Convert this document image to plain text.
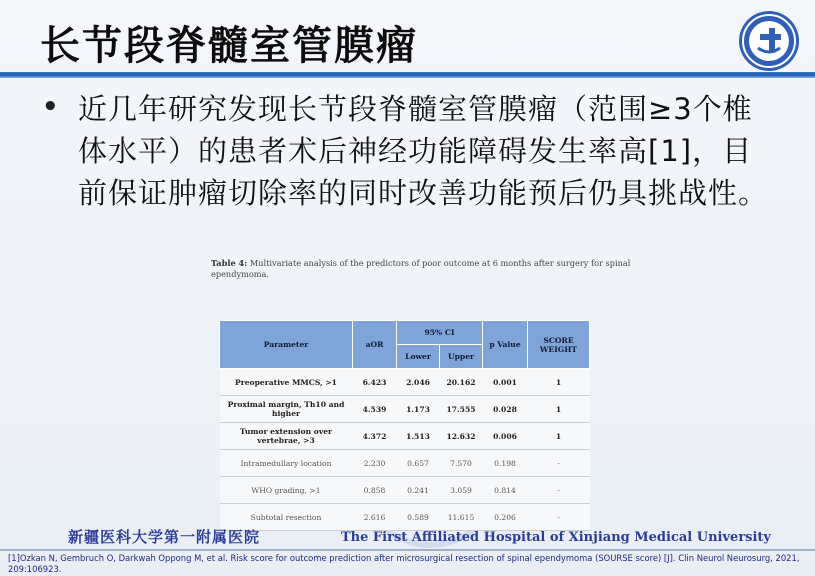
长节段脊髓室管膜瘤
• 近几年研究发现长节段脊髓室管膜瘤（范围≥3个椎体水平）的患者术后神经功能障碍发生率高[1]，目前保证肿瘤切除率的同时改善功能预后仍具挑战性。
Table 4: Multivariate analysis of the predictors of poor outcome at 6 months after surgery for spinal ependymoma.
Parameter	aOR	95% CI		p Value	SCORE WEIGHT
		Lower	Upper		
Preoperative MMCS, >1	6.423	2.046	20.162	0.001	1
Proximal margin, Th10 and higher	4.539	1.173	17.555	0.028	1
Tumor extension over vertebrae, >3	4.372	1.513	12.632	0.006	1
Intramedullary location	2.230	0.657	7.570	0.198	-
WHO grading, >1	0.858	0.241	3.059	0.814	-
Subtotal resection	2.616	0.589	11.615	0.206	-
新疆医科大学第一附属医院	The First Affiliated Hospital of Xinjiang Medical University
[1]Ozkan N, Gembruch O, Darkwah Oppong M, et al. Risk score for outcome prediction after microsurgical resection of spinal ependymoma (SOURSE score) [J]. Clin Neurol Neurosurg, 2021, 209:106923.
